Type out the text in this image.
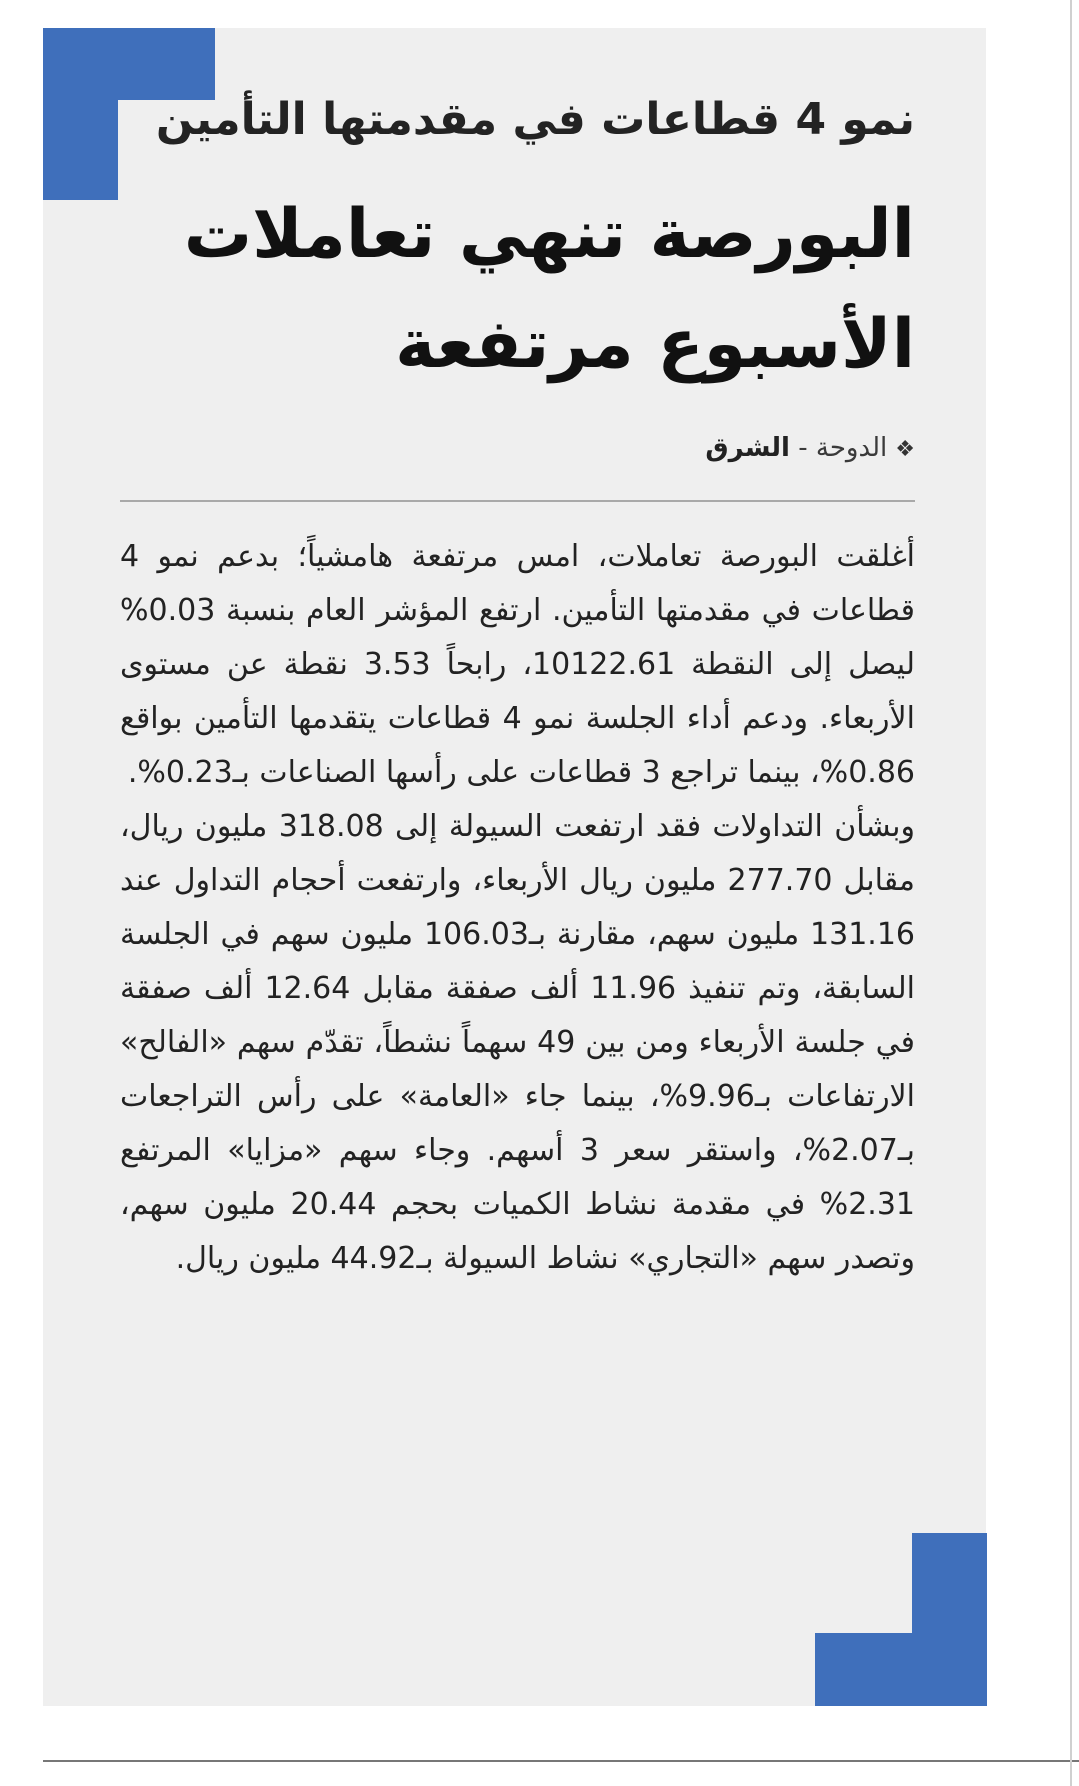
نمو 4 قطاعات في مقدمتها التأمين
البورصة تنهي تعاملات
الأسبوع مرتفعة
❖الدوحة - الشرق

أغلقت البورصة تعاملات، امس مرتفعة هامشياً؛ بدعم نمو 4 قطاعات في مقدمتها التأمين. ارتفع المؤشر العام بنسبة 0.03% ليصل إلى النقطة 10122.61، رابحاً 3.53 نقطة عن مستوى الأربعاء. ودعم أداء الجلسة نمو 4 قطاعات يتقدمها التأمين بواقع 0.86%، بينما تراجع 3 قطاعات على رأسها الصناعات بـ0.23%.

وبشأن التداولات فقد ارتفعت السيولة إلى 318.08 مليون ريال، مقابل 277.70 مليون ريال الأربعاء، وارتفعت أحجام التداول عند 131.16 مليون سهم، مقارنة بـ106.03 مليون سهم في الجلسة السابقة، وتم تنفيذ 11.96 ألف صفقة مقابل 12.64 ألف صفقة في جلسة الأربعاء ومن بين 49 سهماً نشطاً، تقدّم سهم «الفالح» الارتفاعات بـ9.96%، بينما جاء «العامة» على رأس التراجعات بـ2.07%، واستقر سعر 3 أسهم. وجاء سهم «مزايا» المرتفع 2.31% في مقدمة نشاط الكميات بحجم 20.44 مليون سهم، وتصدر سهم «التجاري» نشاط السيولة بـ44.92 مليون ريال.
